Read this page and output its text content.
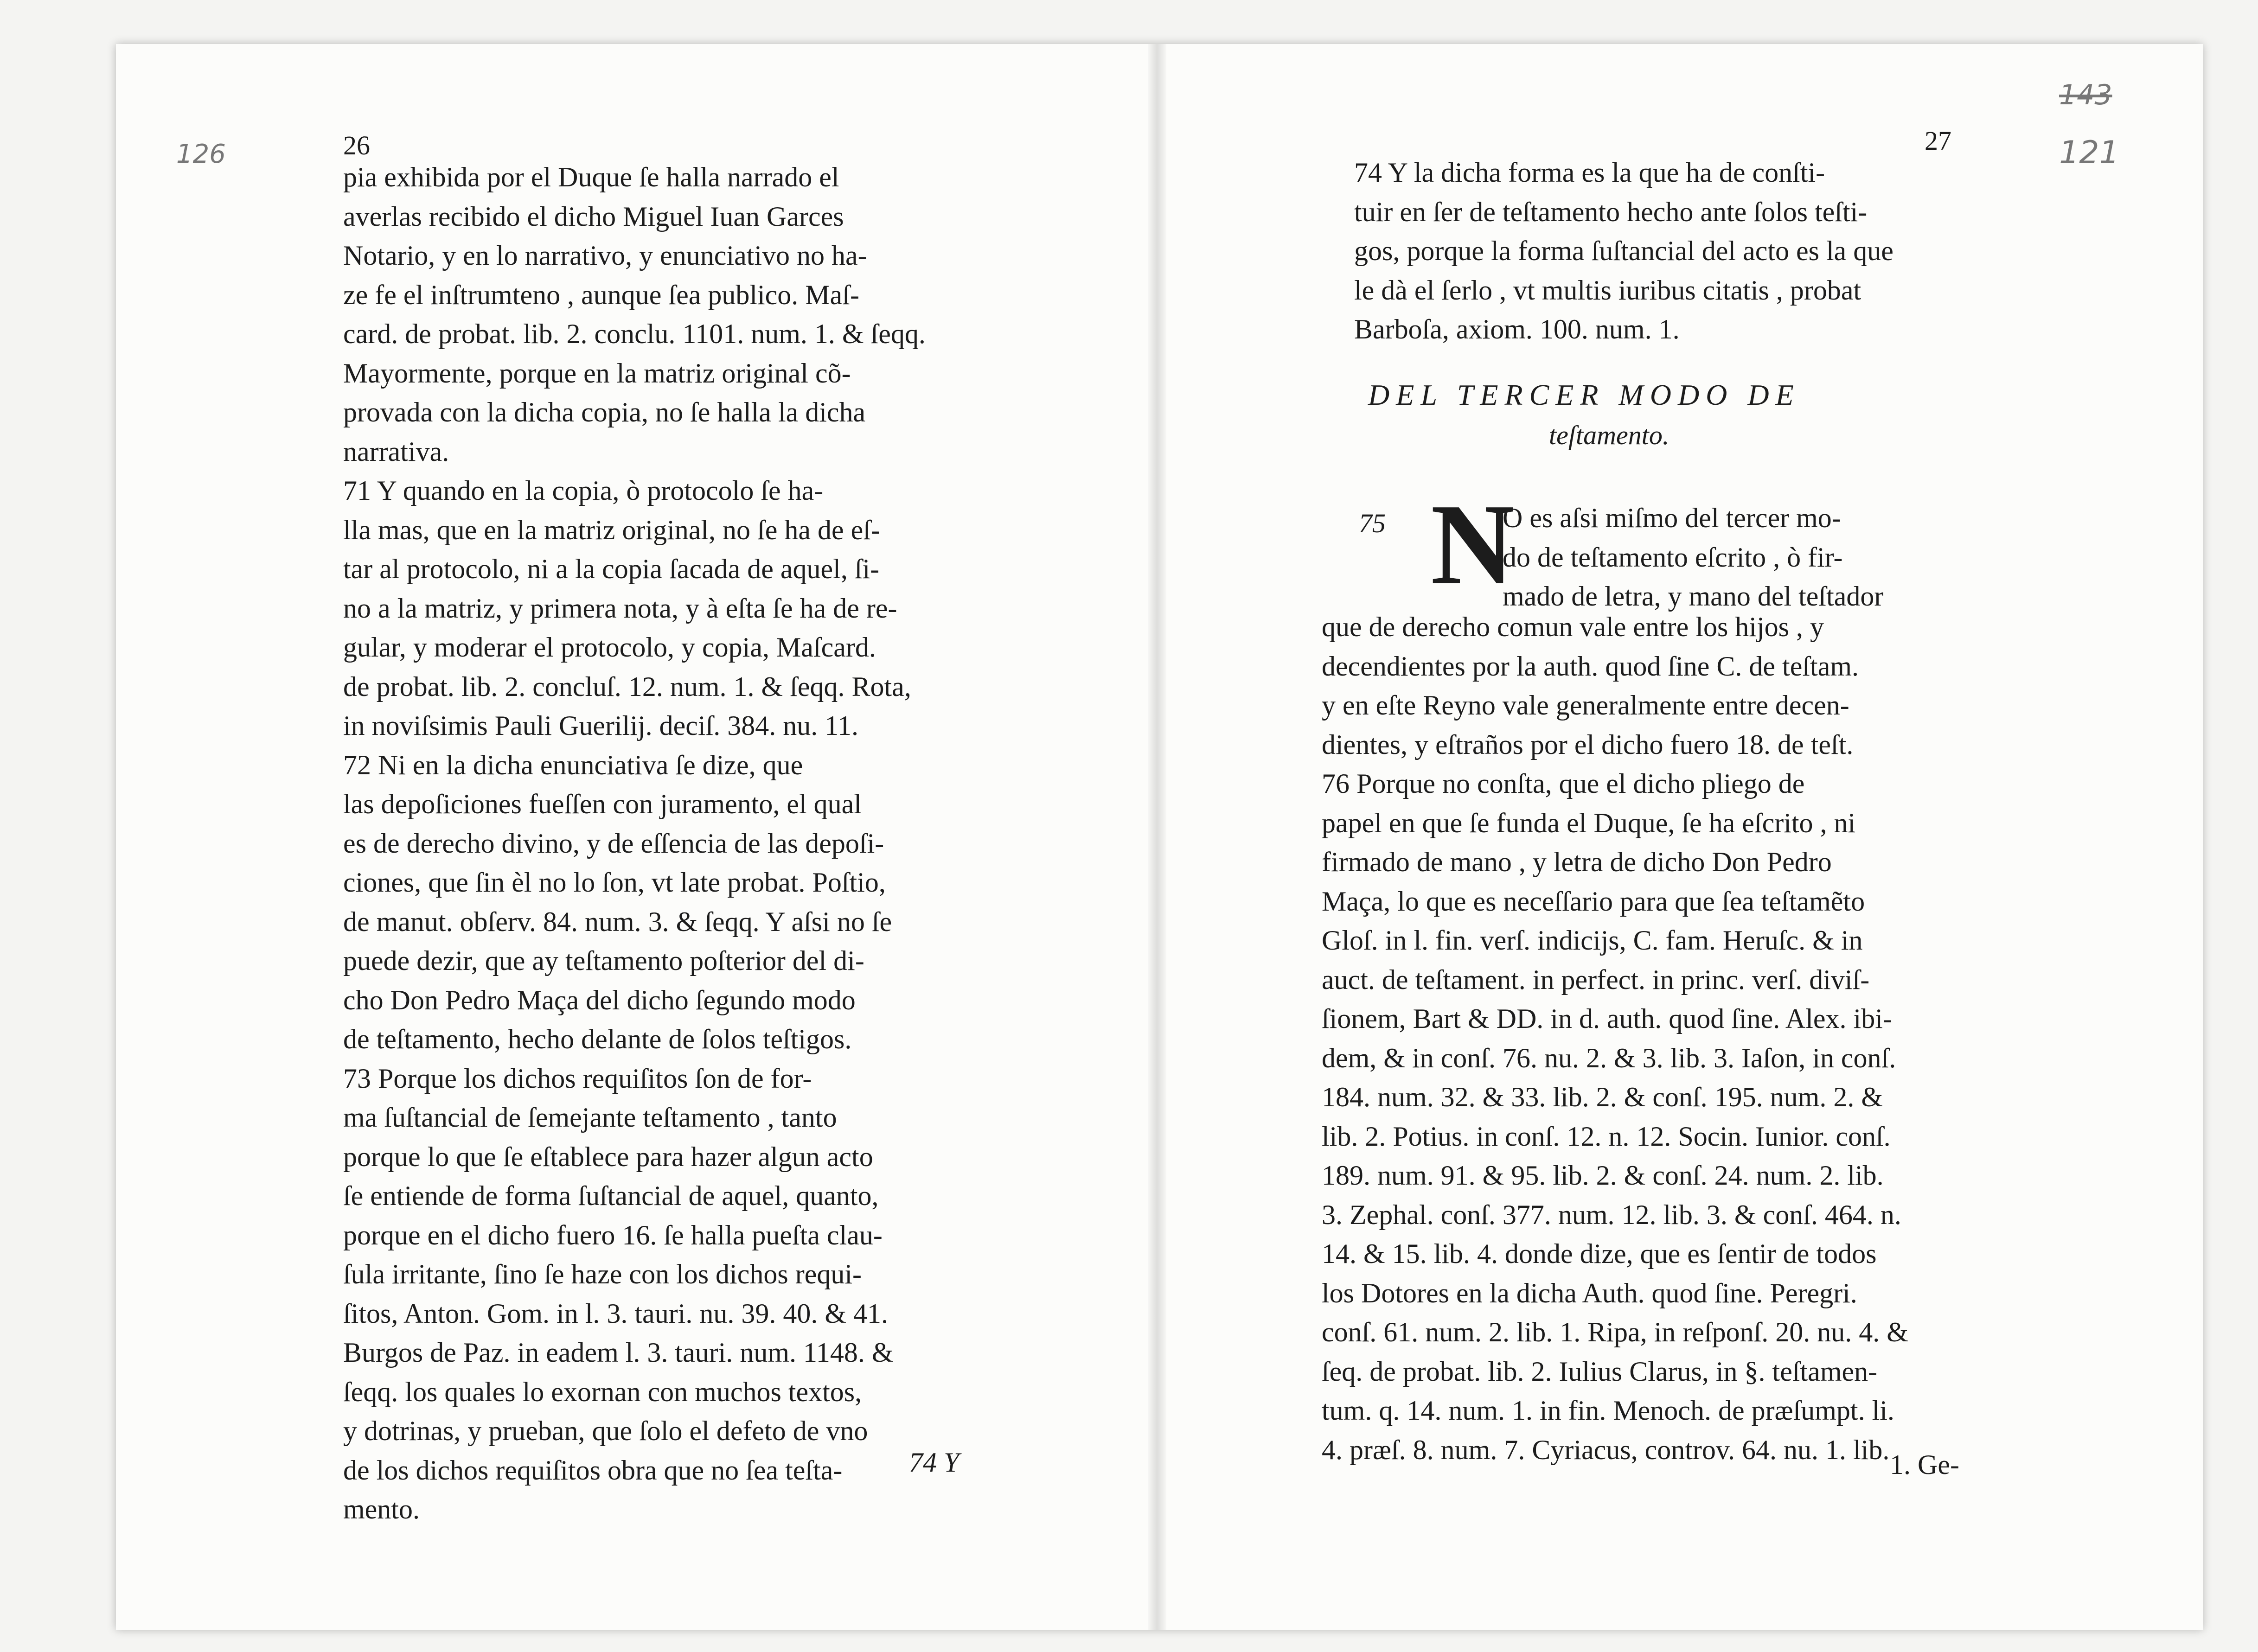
126	26
pia exhibida por el Duque ſe halla narrado el
averlas recibido el dicho Miguel Iuan Garces
Notario, y en lo narrativo, y enunciativo no ha-
ze fe el inſtrumteno , aunque ſea publico. Maſ-
card. de probat. lib. 2. conclu. 1101. num. 1. & ſeqq.
Mayormente, porque en la matriz original cõ-
provada con la dicha copia, no ſe halla la dicha
narrativa.
71 Y quando en la copia, ò protocolo ſe ha-
lla mas, que en la matriz original, no ſe ha de eſ-
tar al protocolo, ni a la copia ſacada de aquel, ſi-
no a la matriz, y primera nota, y à eſta ſe ha de re-
gular, y moderar el protocolo, y copia, Maſcard.
de probat. lib. 2. concluſ. 12. num. 1. & ſeqq. Rota,
in noviſsimis Pauli Guerilij. deciſ. 384. nu. 11.
72 Ni en la dicha enunciativa ſe dize, que
las depoſiciones fueſſen con juramento, el qual
es de derecho divino, y de eſſencia de las depoſi-
ciones, que ſin èl no lo ſon, vt late probat. Poſtio,
de manut. obſerv. 84. num. 3. & ſeqq. Y aſsi no ſe
puede dezir, que ay teſtamento poſterior del di-
cho Don Pedro Maça del dicho ſegundo modo
de teſtamento, hecho delante de ſolos teſtigos.
73 Porque los dichos requiſitos ſon de for-
ma ſuſtancial de ſemejante teſtamento , tanto
porque lo que ſe eſtablece para hazer algun acto
ſe entiende de forma ſuſtancial de aquel, quanto,
porque en el dicho fuero 16. ſe halla pueſta clau-
ſula irritante, ſino ſe haze con los dichos requi-
ſitos, Anton. Gom. in l. 3. tauri. nu. 39. 40. & 41.
Burgos de Paz. in eadem l. 3. tauri. num. 1148. &
ſeqq. los quales lo exornan con muchos textos,
y dotrinas, y prueban, que ſolo el defeto de vno
de los dichos requiſitos obra que no ſea teſta-
mento.
74 Y
27
143
121
74 Y la dicha forma es la que ha de conſti-
tuir en ſer de teſtamento hecho ante ſolos teſti-
gos, porque la forma ſuſtancial del acto es la que
le dà el ſerlo , vt multis iuribus citatis , probat
Barboſa, axiom. 100. num. 1.
DEL TERCER MODO DE
teſtamento.
75 N
O es aſsi miſmo del tercer mo-
do de teſtamento eſcrito , ò fir-
mado de letra, y mano del teſtador
que de derecho comun vale entre los hijos , y
decendientes por la auth. quod ſine C. de teſtam.
y en eſte Reyno vale generalmente entre decen-
dientes, y eſtraños por el dicho fuero 18. de teſt.
76 Porque no conſta, que el dicho pliego de
papel en que ſe funda el Duque, ſe ha eſcrito , ni
firmado de mano , y letra de dicho Don Pedro
Maça, lo que es neceſſario para que ſea teſtamẽto
Gloſ. in l. fin. verſ. indicijs, C. fam. Heruſc. & in
auct. de teſtament. in perfect. in princ. verſ. diviſ-
ſionem, Bart & DD. in d. auth. quod ſine. Alex. ibi-
dem, & in conſ. 76. nu. 2. & 3. lib. 3. Iaſon, in conſ.
184. num. 32. & 33. lib. 2. & conſ. 195. num. 2. &
lib. 2. Potius. in conſ. 12. n. 12. Socin. Iunior. conſ.
189. num. 91. & 95. lib. 2. & conſ. 24. num. 2. lib.
3. Zephal. conſ. 377. num. 12. lib. 3. & conſ. 464. n.
14. & 15. lib. 4. donde dize, que es ſentir de todos
los Dotores en la dicha Auth. quod ſine. Peregri.
conſ. 61. num. 2. lib. 1. Ripa, in reſponſ. 20. nu. 4. &
ſeq. de probat. lib. 2. Iulius Clarus, in §. teſtamen-
tum. q. 14. num. 1. in fin. Menoch. de præſumpt. li.
4. præſ. 8. num. 7. Cyriacus, controv. 64. nu. 1. lib. 1. Ge-
